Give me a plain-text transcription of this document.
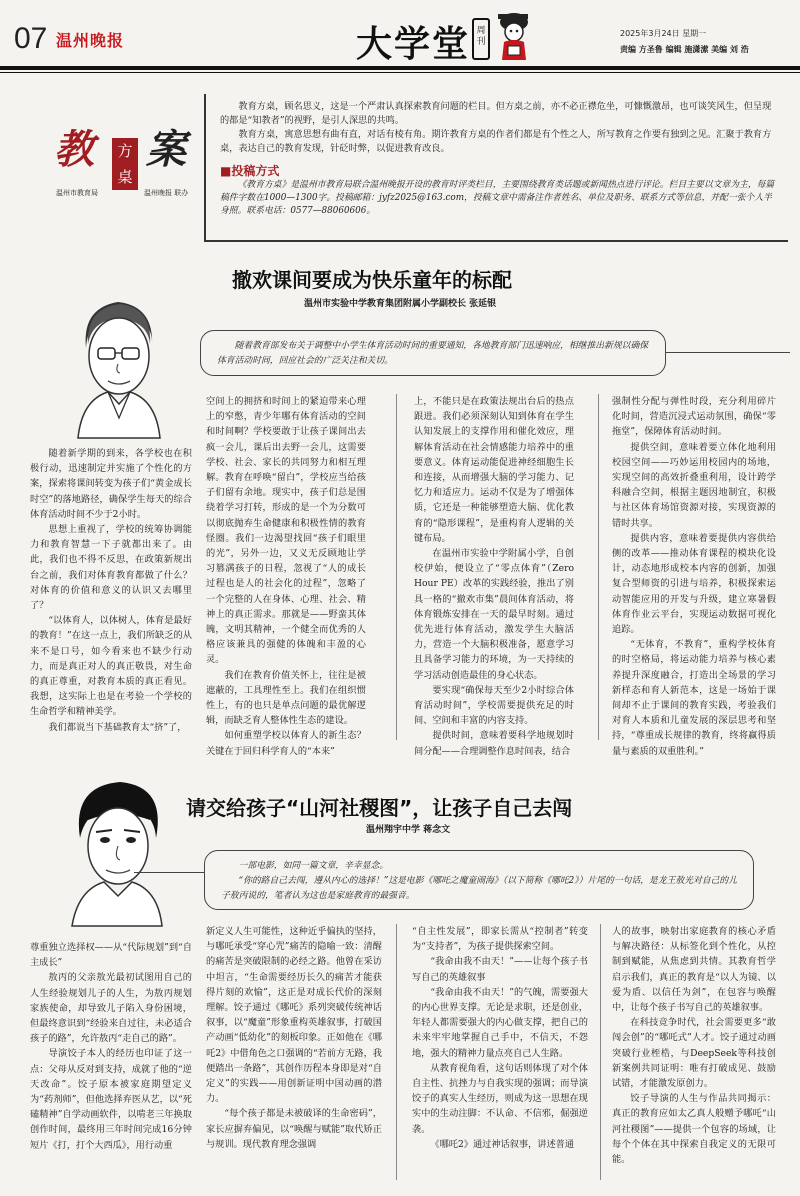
07 温州晚报	大学堂 周刊
2025年3月24日 星期一
责编 方圣鲁 编辑 施潇潆 美编 刘 浩
教	方
桌
案
温州市教育局	温州晚报 联办

教育方桌，顾名思义，这是一个严肃认真探索教育问题的栏目。但方桌之前，亦不必正襟危坐，可慷慨激昂，也可谈笑风生，但呈现的都是“知教者”的视野，是引人深思的共鸣。

教育方桌，寓意思想有曲有直，对话有棱有角。期许教育方桌的作者们都是有个性之人，所写教育之作要有独到之见。汇聚于教育方桌，表达自己的教育发现，针砭时弊，以促进教育改良。

■投稿方式

《教育方桌》是温州市教育局联合温州晚报开设的教育时评类栏目，主要围绕教育类话题或新闻热点进行评论。栏目主要以文章为主，每篇稿件字数在1000—1300字。投稿邮箱：jyfz2025@163.com，投稿文章中需备注作者姓名、单位及职务、联系方式等信息，并配一张个人半身照。联系电话：0577—88060606。

撤欢课间要成为快乐童年的标配
温州市实验中学教育集团附属小学副校长 张延银
随着教育部发布关于调整中小学生体育活动时间的重要通知，各地教育部门迅速响应，相继推出新规以确保体育活动时间，回应社会的广泛关注和关切。

随着新学期的到来，各学校也在积极行动，迅速制定并实施了个性化的方案，探索将课间转变为孩子们“黄金成长时空”的落地路径，确保学生每天的综合体育活动时间不少于2小时。

思想上重视了，学校的统筹协调能力和教育智慧一下子就都出来了。由此，我们也不得不反思，在政策新规出台之前，我们对体育教育都做了什么？对体育的价值和意义的认识又去哪里了？

“以体育人，以体树人，体育是最好的教育！”在这一点上，我们所缺乏的从来不是口号，如今看来也不缺少行动力，而是真正对人的真正敬畏，对生命的真正尊重，对教育本质的真正看见。我想，这实际上也是在考验一个学校的生命哲学和精神美学。

我们都说当下基础教育太“挤”了，

空间上的拥挤和时间上的紧迫带来心理上的窄憋，青少年哪有体育活动的空间和时间啊？学校要敢于让孩子课间出去疯一会儿，课后出去野一会儿，这需要学校、社会、家长的共同努力和相互理解。教育在呼唤“留白”，学校应当给孩子们留有余地。现实中，孩子们总是围绕着学习打转，形成的是一个为分数可以彻底抛弃生命健康和积极性情的教育怪圈。我们一边渴望找回“孩子们眼里的光”，另外一边，又义无反顾地让学习篡满孩子的日程，忽视了“人的成长过程也是人的社会化的过程”，忽略了一个完整的人在身体、心理、社会、精神上的真正需求。那就是——野蛮其体魄，文明其精神，一个健全而优秀的人格应该兼具的强健的体魄和丰盈的心灵。

我们在教育价值关怀上，往往是被遮蔽的，工具理性至上。我们在组织惯性上，有的也只是单点问题的最优解逻辑，而缺乏育人整体性生态的建设。

如何重塑学校以体育人的新生态？关键在于回归科学育人的“本来”

上，不能只是在政策法规出台后的热点跟进。我们必须深刻认知到体育在学生认知发展上的支撑作用和催化效应，理解体育活动在社会情感能力培养中的重要意义。体育运动能促进神经细胞生长和连接，从而增强大脑的学习能力、记忆力和适应力。运动不仅是为了增强体质，它还是一种能够塑造大脑、优化教育的“隐形课程”，是重构育人逻辑的关键布局。

在温州市实验中学附属小学，自创校伊始，便设立了“零点体育”（Zero Hour PE）改革的实践经验，推出了别具一格的“撤欢市集”晨间体育活动，将体育锻炼安排在一天的最早时刻。通过优先进行体育活动，激发学生大脑活力，营造一个大脑积极准备，愿意学习且具备学习能力的环境，为一天持续的学习活动创造最佳的身心状态。

要实现“确保每天至少2小时综合体育活动时间”，学校需要提供充足的时间、空间和丰富的内容支持。

提供时间，意味着要科学地规划时间分配——合理调整作息时间表，结合

强制性分配与弹性时段，充分利用碎片化时间，营造沉浸式运动氛围，确保“零拖堂”，保障体育活动时间。

提供空间，意味着要立体化地利用校园空间——巧妙运用校园内的场地，实现空间的高效折叠重利用，设计跨学科融合空间，根据主题因地制宜，积极与社区体育场馆资源对接，实现资源的错时共享。

提供内容，意味着要提供内容供给侧的改革——推动体育课程的模块化设计，动态地形成校本内容的创新，加强复合型师资的引进与培养，积极探索运动智能应用的开发与升级，建立寒暑假体育作业云平台，实现运动数据可视化追踪。

“无体育，不教育”，重构学校体育的时空格局，将运动能力培养与核心素养提升深度融合，打造出全场景的学习新样态和育人新范本，这是一场始于课间却不止于课间的教育实践，考验我们对育人本质和儿童发展的深层思考和坚持，“尊重成长规律的教育，终将赢得质量与素质的双重胜利。”

请交给孩子“山河社稷图”，让孩子自己去闯
温州翔宇中学 蒋念文
一部电影，如同一篇文章，辛幸显念。
“你的路自己去闯，遵从内心的选择！”这是电影《哪吒之魔童闹海》（以下简称《哪吒2》）片尾的一句话，是龙王敖光对自己的儿子敖丙说的，笔者认为这也是家庭教育的最强音。

尊重独立选择权——从“代际规划”到“自主成长”

敖丙的父亲敖光最初试图用自己的人生经验规划儿子的人生，为敖丙规划家族使命，却导致儿子陷入身份困境，但最终意识到“经验来自过往，未必适合孩子的路”，允许敖丙“走自己的路”。

导演饺子本人的经历也印证了这一点：父母从反对到支持，成就了他的“逆天改命”。饺子原本被家庭期望定义为“药剂师”，但他选择弃医从艺，以“死磕精神”自学动画软件，以啃老三年换取创作时间，最终用三年时间完成16分钟短片《打，打个大西瓜》，用行动重

新定义人生可能性，这种近乎偏执的坚持，与哪吒承受“穿心咒”痛苦的隐喻一致：清醒的痛苦是突破限制的必经之路。他曾在采访中坦言，“生命需要经历长久的痛苦才能获得片刻的欢愉”，这正是对成长代价的深刻理解。饺子通过《哪吒》系列突破传统神话叙事，以“魔童”形象重构英雄叙事，打破国产动画“低幼化”的刻板印象。正如他在《哪吒2》中借角色之口强调的“若前方无路，我便踏出一条路”，其创作历程本身即是对“自定义”的实践——用创新证明中国动画的潜力。

“每个孩子都是未被破译的生命密码”，家长应摒弃偏见，以“唤醒与赋能”取代矫正与规训。现代教育理念强调

“自主性发展”，即家长需从“控制者”转变为“支持者”，为孩子提供探索空间。

“我命由我不由天！”——让每个孩子书写自己的英雄叙事

“我命由我不由天！”的气魄，需要强大的内心世界支撑。无论是求职，还是创业，年轻人都需要强大的内心做支撑，把自己的未来牢牢地掌握自己手中，不信天，不怨地，强大的精神力量点亮自己人生路。

从教育视角看，这句话则体现了对个体自主性、抗挫力与自我实现的强调；而导演饺子的真实人生经历，则成为这一思想在现实中的生动注脚：不认命、不信邪，倔强逆袭。

《哪吒2》通过神话叙事，讲述普通

人的故事，映射出家庭教育的核心矛盾与解决路径：从标签化到个性化，从控制到赋能，从焦虑到共情。其教育哲学启示我们，真正的教育是“以人为镜、以爱为盾、以信任为剑”，在包容与唤醒中，让每个孩子书写自己的英雄叙事。

在科技竞争时代，社会需要更多“敢闯会创”的“哪吒式”人才。饺子通过动画突破行业桎梏，与DeepSeek等科技创新案例共同证明：唯有打破成见、鼓励试错，才能激发原创力。

饺子导演的人生与作品共同揭示：真正的教育应如太乙真人般赠予哪吒“山河社稷图”——提供一个包容的场域，让每个个体在其中探索自我定义的无限可能。
